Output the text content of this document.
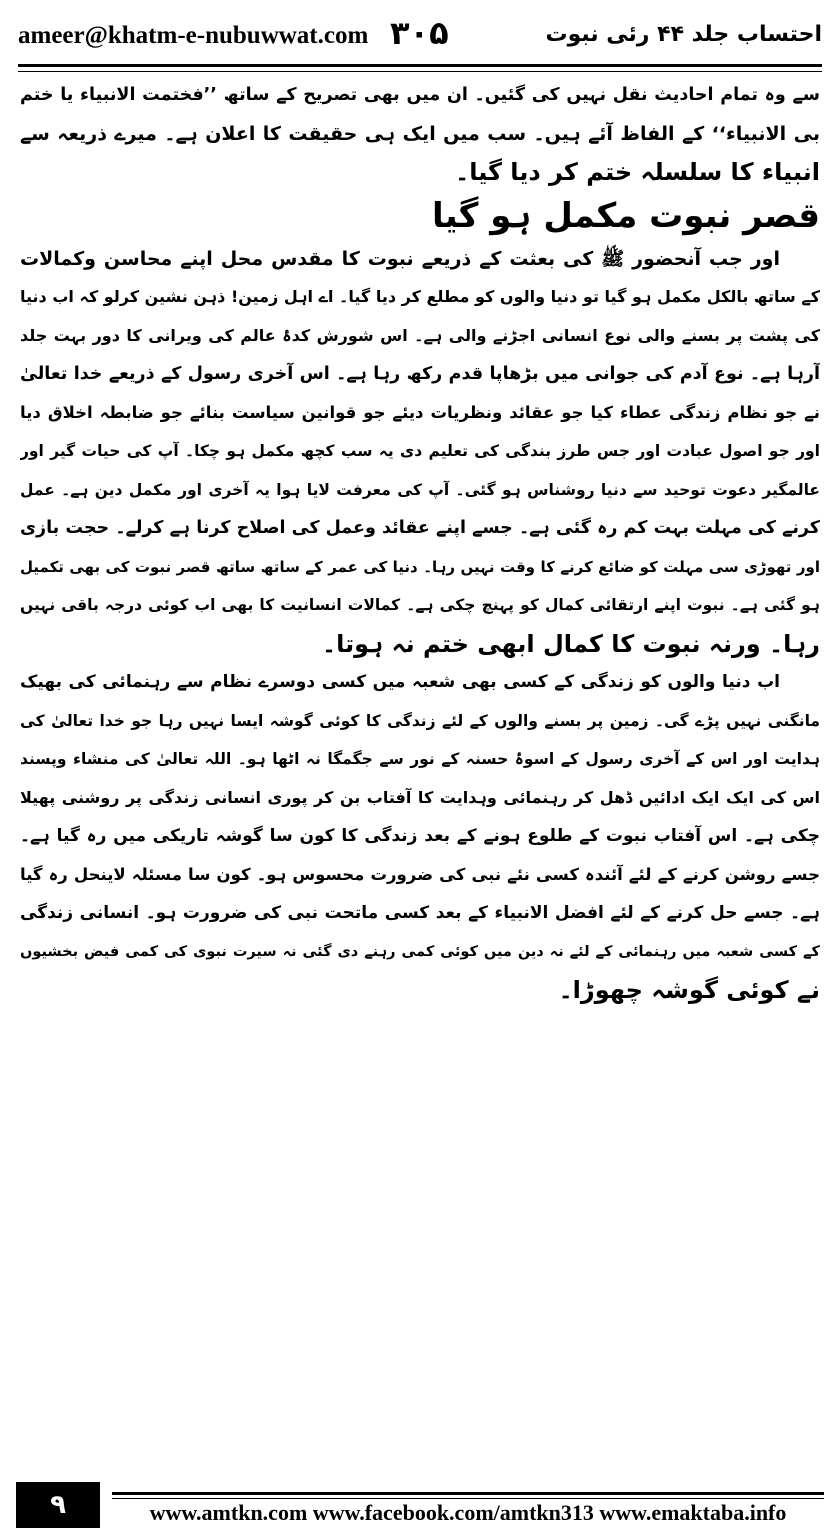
ameer@khatm-e-nubuwwat.com ۳۰۵	احتساب جلد ۴۴ رئی نبوت
سے وہ تمام احادیث نقل نہیں کی گئیں۔ ان میں بھی تصریح کے ساتھ ’’فختمت الانبیاء یا ختم
بی الانبیاء‘‘ کے الفاظ آئے ہیں۔ سب میں ایک ہی حقیقت کا اعلان ہے۔ میرے ذریعہ سے
انبیاء کا سلسلہ ختم کر دیا گیا۔
قصر نبوت مکمل ہو گیا
اور جب آنحضور ﷺ کی بعثت کے ذریعے نبوت کا مقدس محل اپنے محاسن وکمالات
کے ساتھ بالکل مکمل ہو گیا تو دنیا والوں کو مطلع کر دیا گیا۔ اے اہل زمین! ذہن نشین کرلو کہ اب دنیا
کی پشت پر بسنے والی نوع انسانی اجڑنے والی ہے۔ اس شورش کدۂ عالم کی ویرانی کا دور بہت جلد
آرہا ہے۔ نوع آدم کی جوانی میں بڑھاپا قدم رکھ رہا ہے۔ اس آخری رسول کے ذریعے خدا تعالیٰ
نے جو نظام زندگی عطاء کیا جو عقائد ونظریات دیئے جو قوانین سیاست بنائے جو ضابطہ اخلاق دیا
اور جو اصول عبادت اور جس طرز بندگی کی تعلیم دی یہ سب کچھ مکمل ہو چکا۔ آپ کی حیات گیر اور
عالمگیر دعوت توحید سے دنیا روشناس ہو گئی۔ آپ کی معرفت لایا ہوا یہ آخری اور مکمل دین ہے۔ عمل
کرنے کی مہلت بہت کم رہ گئی ہے۔ جسے اپنے عقائد وعمل کی اصلاح کرنا ہے کرلے۔ حجت بازی
اور تھوڑی سی مہلت کو ضائع کرنے کا وقت نہیں رہا۔ دنیا کی عمر کے ساتھ ساتھ قصر نبوت کی بھی تکمیل
ہو گئی ہے۔ نبوت اپنے ارتقائی کمال کو پہنچ چکی ہے۔ کمالات انسانیت کا بھی اب کوئی درجہ باقی نہیں
رہا۔ ورنہ نبوت کا کمال ابھی ختم نہ ہوتا۔
اب دنیا والوں کو زندگی کے کسی بھی شعبہ میں کسی دوسرے نظام سے رہنمائی کی بھیک
مانگنی نہیں پڑے گی۔ زمین پر بسنے والوں کے لئے زندگی کا کوئی گوشہ ایسا نہیں رہا جو خدا تعالیٰ کی
ہدایت اور اس کے آخری رسول کے اسوۂ حسنہ کے نور سے جگمگا نہ اٹھا ہو۔ اللہ تعالیٰ کی منشاء وپسند
اس کی ایک ایک ادائیں ڈھل کر رہنمائی وہدایت کا آفتاب بن کر پوری انسانی زندگی پر روشنی پھیلا
چکی ہے۔ اس آفتاب نبوت کے طلوع ہونے کے بعد زندگی کا کون سا گوشہ تاریکی میں رہ گیا ہے۔
جسے روشن کرنے کے لئے آئندہ کسی نئے نبی کی ضرورت محسوس ہو۔ کون سا مسئلہ لاینحل رہ گیا
ہے۔ جسے حل کرنے کے لئے افضل الانبیاء کے بعد کسی ماتحت نبی کی ضرورت ہو۔ انسانی زندگی
کے کسی شعبہ میں رہنمائی کے لئے نہ دین میں کوئی کمی رہنے دی گئی نہ سیرت نبوی کی کمی فیض بخشیوں
نے کوئی گوشہ چھوڑا۔
۹	www.amtkn.com www.facebook.com/amtkn313 www.emaktaba.info
